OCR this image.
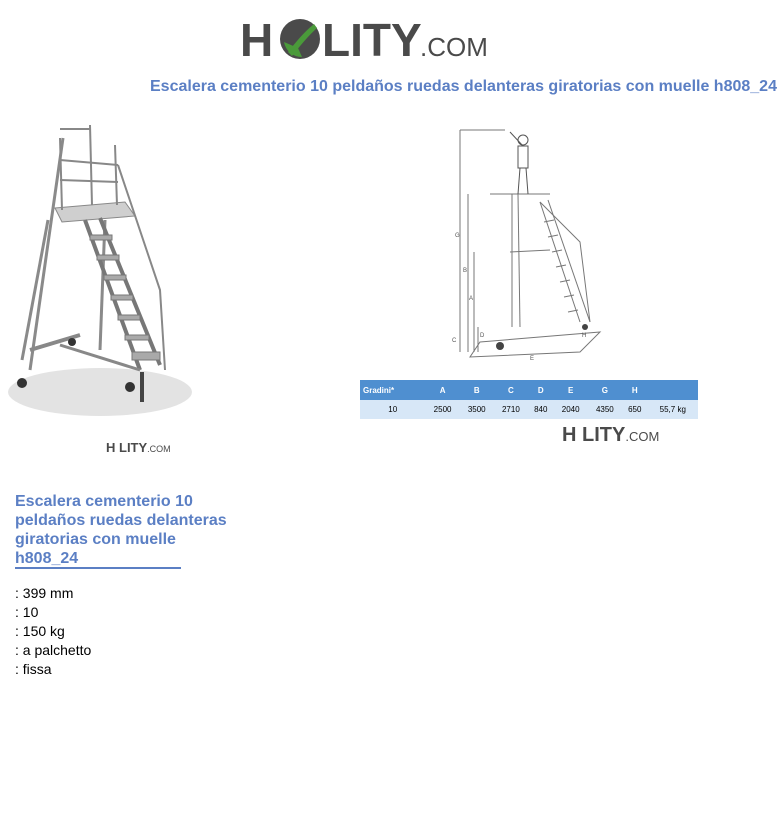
H LITY
.COM
Escalera cementerio 10 peldaños ruedas delanteras giratorias con muelle h808_24
H LITY.COM
G
B
A
C
D
E
H
Gradini*	A	B	C	D	E	G	H	
10	2500	3500	2710	840	2040	4350	650	55,7 kg
H LITY.COM
Escalera cementerio 10 peldaños ruedas delanteras giratorias con muelle h808_24
: 399 mm
: 10
: 150 kg
: a palchetto
: fissa
